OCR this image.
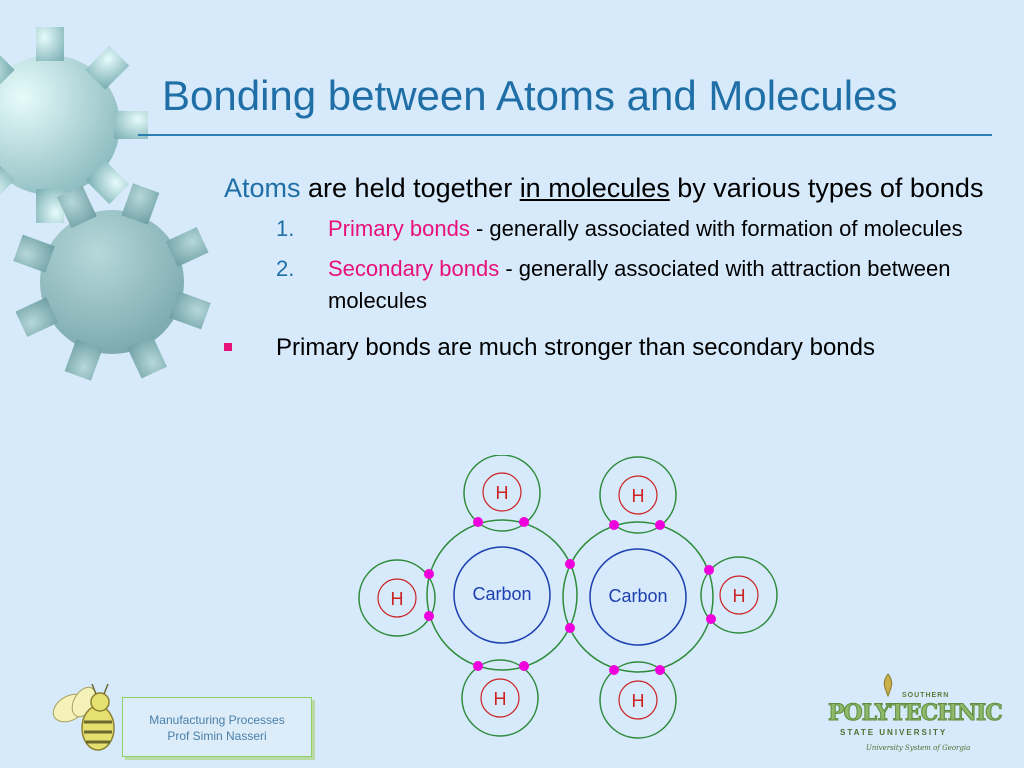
Bonding between Atoms and Molecules

Atoms are held together in molecules by various types of bonds

1. Primary bonds - generally associated with formation of molecules
2. Secondary bonds - generally associated with attraction between molecules
Primary bonds are much stronger than secondary bonds
Carbon	Carbon
H	H
H	H
H	H
Manufacturing Processes
Prof Simin Nasseri
SOUTHERN
POLYTECHNIC
STATE UNIVERSITY
University System of Georgia
